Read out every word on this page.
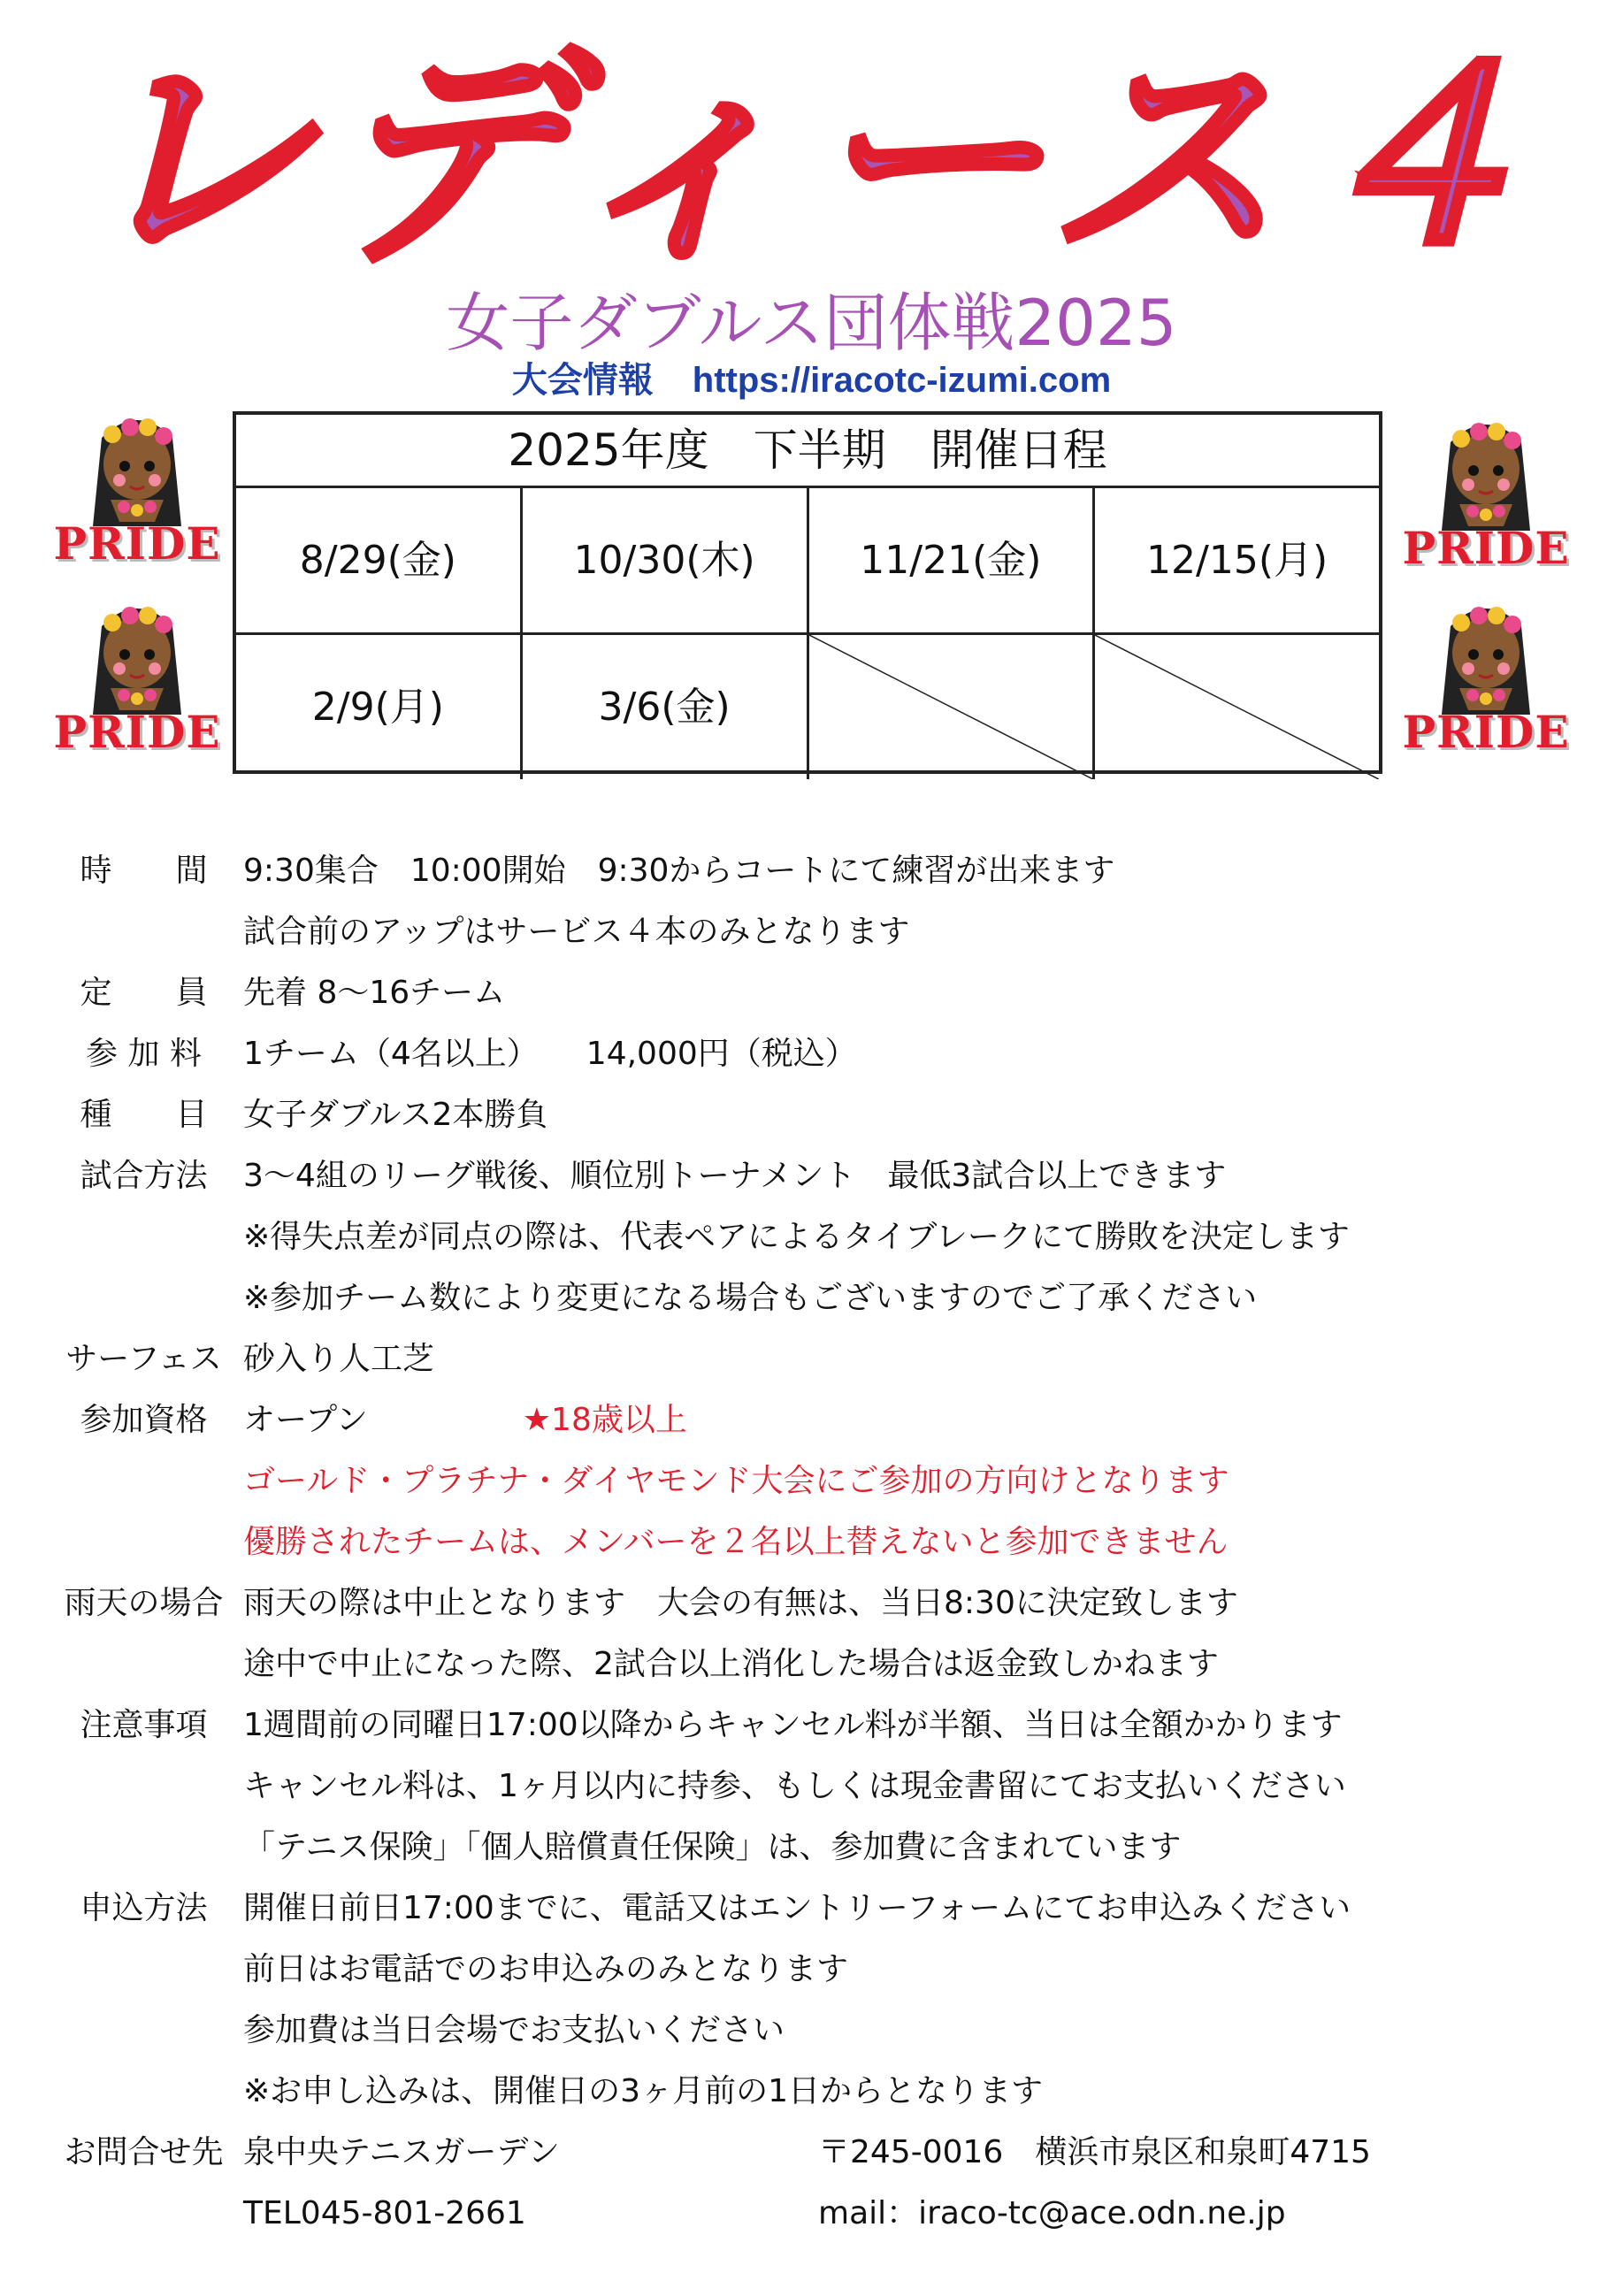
レディース４
女子ダブルス団体戦2025
大会情報 https://iracotc-izumi.com
PRIDE
PRIDE
PRIDE
PRIDE
2025年度　下半期　開催日程
8/29(金)	10/30(木)	11/21(金)	12/15(月)
2/9(月)	3/6(金)
時　　間	9:30集合　10:00開始　9:30からコートにて練習が出来ます
試合前のアップはサービス４本のみとなります
定　　員	先着 8～16チーム
参 加 料	1チーム（4名以上）　　14,000円（税込）
種　　目	女子ダブルス2本勝負
試合方法	3～4組のリーグ戦後、順位別トーナメント　最低3試合以上できます
※得失点差が同点の際は、代表ペアによるタイブレークにて勝敗を決定します
※参加チーム数により変更になる場合もございますのでご了承ください
サーフェス 砂入り人工芝
参加資格	オープン	★18歳以上
ゴールド・プラチナ・ダイヤモンド大会にご参加の方向けとなります
優勝されたチームは、メンバーを２名以上替えないと参加できません
雨天の場合 雨天の際は中止となります　大会の有無は、当日8:30に決定致します
途中で中止になった際、2試合以上消化した場合は返金致しかねます
注意事項	1週間前の同曜日17:00以降からキャンセル料が半額、当日は全額かかります
キャンセル料は、1ヶ月以内に持参、もしくは現金書留にてお支払いください
「テニス保険」「個人賠償責任保険」は、参加費に含まれています
申込方法	開催日前日17:00までに、電話又はエントリーフォームにてお申込みください
前日はお電話でのお申込みのみとなります
参加費は当日会場でお支払いください
※お申し込みは、開催日の3ヶ月前の1日からとなります
お問合せ先 泉中央テニスガーデン	〒245-0016　横浜市泉区和泉町4715
TEL045-801-2661	mail：iraco‐tc@ace.odn.ne.jp
